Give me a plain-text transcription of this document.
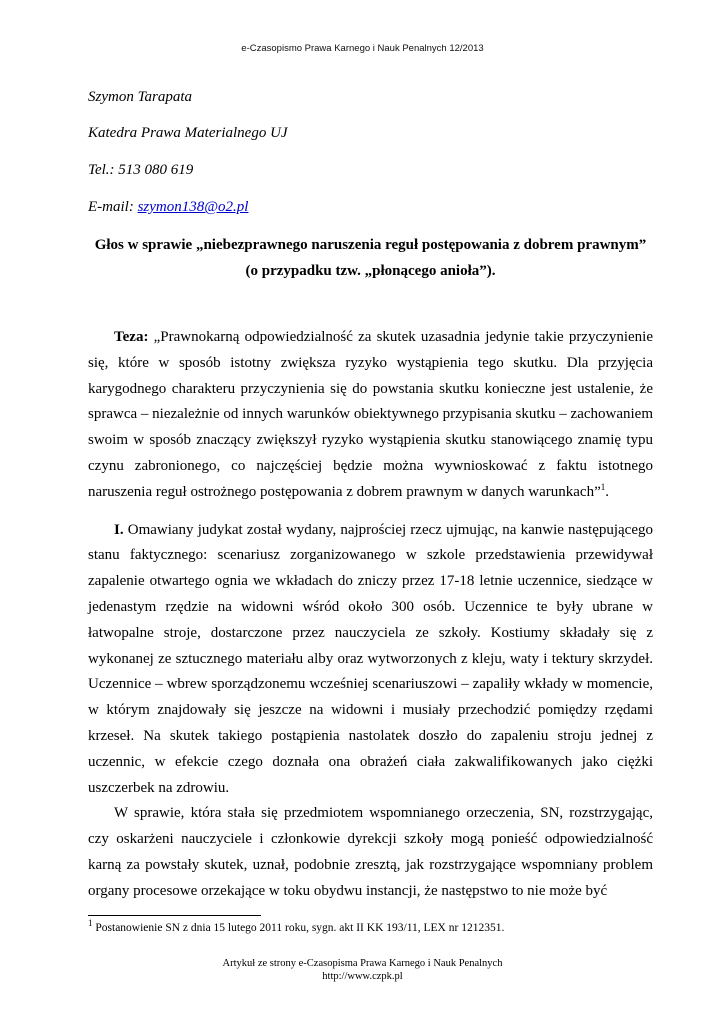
e-Czasopismo Prawa Karnego i Nauk Penalnych 12/2013
Szymon Tarapata
Katedra Prawa Materialnego UJ
Tel.: 513 080 619
E-mail: szymon138@o2.pl
Głos w sprawie „niebezprawnego naruszenia reguł postępowania z dobrem prawnym”
(o przypadku tzw. „płonącego anioła”).

Teza: „Prawnokarną odpowiedzialność za skutek uzasadnia jedynie takie przyczynienie się, które w sposób istotny zwiększa ryzyko wystąpienia tego skutku. Dla przyjęcia karygodnego charakteru przyczynienia się do powstania skutku konieczne jest ustalenie, że sprawca – niezależnie od innych warunków obiektywnego przypisania skutku – zachowaniem swoim w sposób znaczący zwiększył ryzyko wystąpienia skutku stanowiącego znamię typu czynu zabronionego, co najczęściej będzie można wywnioskować z faktu istotnego naruszenia reguł ostrożnego postępowania z dobrem prawnym w danych warunkach”$^1$.

I. Omawiany judykat został wydany, najprościej rzecz ujmując, na kanwie następującego stanu faktycznego: scenariusz zorganizowanego w szkole przedstawienia przewidywał zapalenie otwartego ognia we wkładach do zniczy przez 17-18 letnie uczennice, siedzące w jedenastym rzędzie na widowni wśród około 300 osób. Uczennice te były ubrane w łatwopalne stroje, dostarczone przez nauczyciela ze szkoły. Kostiumy składały się z wykonanej ze sztucznego materiału alby oraz wytworzonych z kleju, waty i tektury skrzydeł. Uczennice – wbrew sporządzonemu wcześniej scenariuszowi – zapaliły wkłady w momencie, w którym znajdowały się jeszcze na widowni i musiały przechodzić pomiędzy rzędami krzeseł. Na skutek takiego postąpienia nastolatek doszło do zapaleniu stroju jednej z uczennic, w efekcie czego doznała ona obrażeń ciała zakwalifikowanych jako ciężki uszczerbek na zdrowiu.

W sprawie, która stała się przedmiotem wspomnianego orzeczenia, SN, rozstrzygając, czy oskarżeni nauczyciele i członkowie dyrekcji szkoły mogą ponieść odpowiedzialność karną za powstały skutek, uznał, podobnie zresztą, jak rozstrzygające wspomniany problem organy procesowe orzekające w toku obydwu instancji, że następstwo to nie może być

$^1$ Postanowienie SN z dnia 15 lutego 2011 roku, sygn. akt II KK 193/11, LEX nr 1212351.
Artykuł ze strony e-Czasopisma Prawa Karnego i Nauk Penalnych
http://www.czpk.pl
